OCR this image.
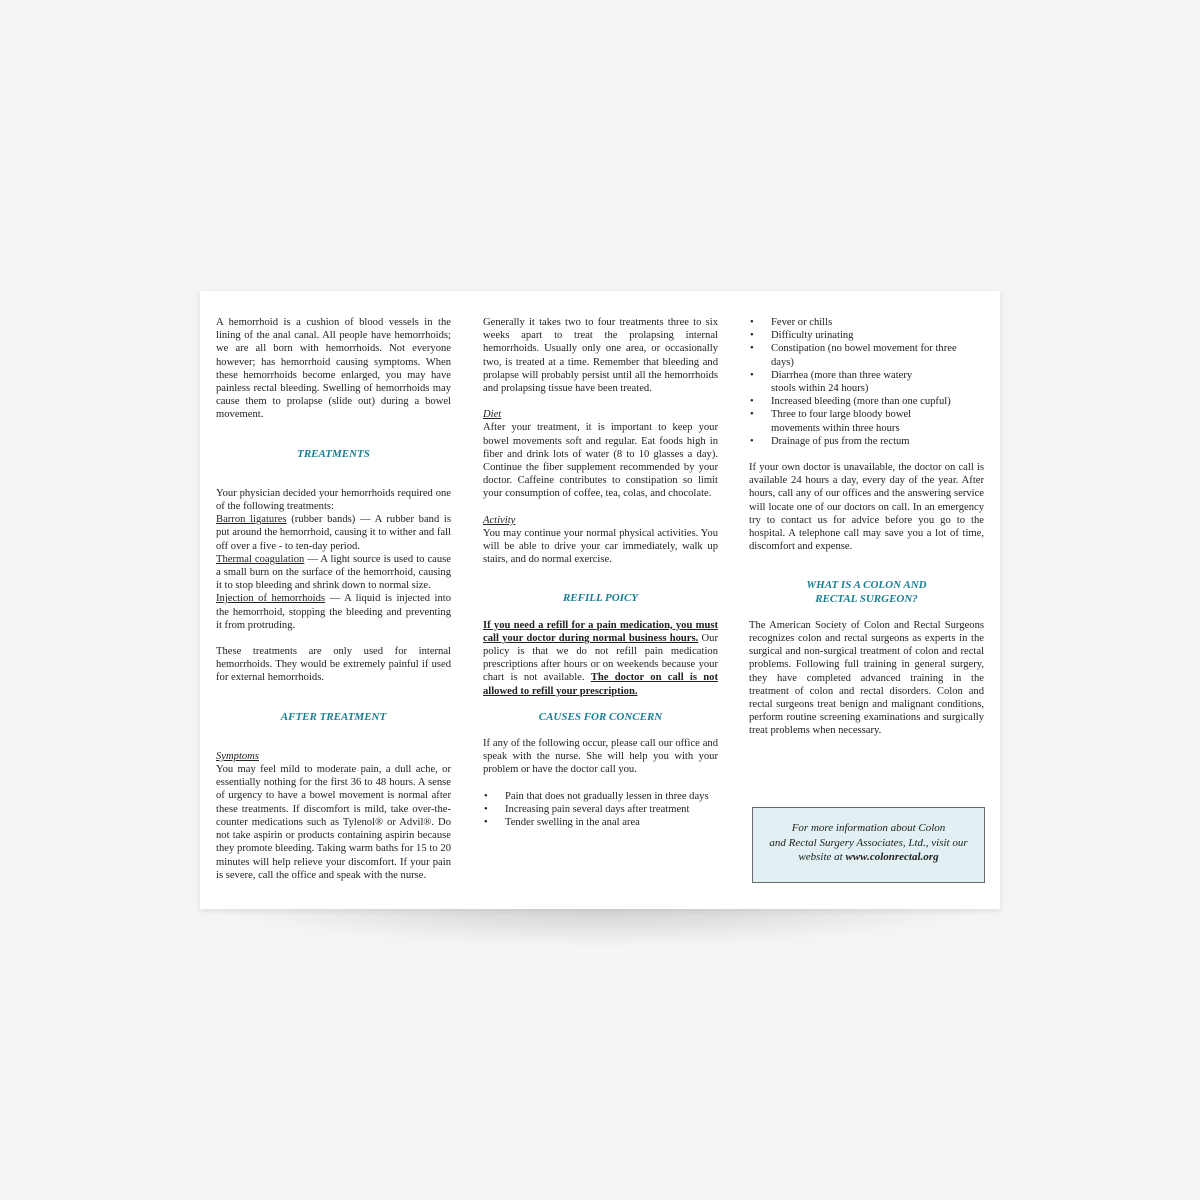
A hemorrhoid is a cushion of blood vessels in the lining of the anal canal. All people have hemorrhoids; we are all born with hemorrhoids. Not everyone however; has hemorrhoid causing symptoms. When these hemorrhoids become enlarged, you may have painless rectal bleeding. Swelling of hemorrhoids may cause them to prolapse (slide out) during a bowel movement.

TREATMENTS

Your physician decided your hemorrhoids required one of the following treatments:

Barron ligatures (rubber bands) — A rubber band is put around the hemorrhoid, causing it to wither and fall off over a five - to ten-day period.

Thermal coagulation — A light source is used to cause a small burn on the surface of the hemorrhoid, causing it to stop bleeding and shrink down to normal size.

Injection of hemorrhoids — A liquid is injected into the hemorrhoid, stopping the bleeding and preventing it from protruding.

These treatments are only used for internal hemorrhoids. They would be extremely painful if used for external hemorrhoids.

AFTER TREATMENT

Symptoms

You may feel mild to moderate pain, a dull ache, or essentially nothing for the first 36 to 48 hours. A sense of urgency to have a bowel movement is normal after these treatments. If discomfort is mild, take over-the-counter medications such as Tylenol® or Advil®. Do not take aspirin or products containing aspirin because they promote bleeding. Taking warm baths for 15 to 20 minutes will help relieve your discomfort. If your pain is severe, call the office and speak with the nurse.

Generally it takes two to four treatments three to six weeks apart to treat the prolapsing internal hemorrhoids. Usually only one area, or occasionally two, is treated at a time. Remember that bleeding and prolapse will probably persist until all the hemorrhoids and prolapsing tissue have been treated.

Diet

After your treatment, it is important to keep your bowel movements soft and regular. Eat foods high in fiber and drink lots of water (8 to 10 glasses a day). Continue the fiber supplement recommended by your doctor. Caffeine contributes to constipation so limit your consumption of coffee, tea, colas, and chocolate.

Activity

You may continue your normal physical activities. You will be able to drive your car immediately, walk up stairs, and do normal exercise.

REFILL POICY

If you need a refill for a pain medication, you must call your doctor during normal business hours. Our policy is that we do not refill pain medication prescriptions after hours or on weekends because your chart is not available. The doctor on call is not allowed to refill your prescription.

CAUSES FOR CONCERN

If any of the following occur, please call our office and speak with the nurse. She will help you with your problem or have the doctor call you.

• Pain that does not gradually lessen in three days
• Increasing pain several days after treatment
• Tender swelling in the anal area
• Fever or chills
• Difficulty urinating
• Constipation (no bowel movement for three days)
• Diarrhea (more than three watery stools within 24 hours)
• Increased bleeding (more than one cupful)
• Three to four large bloody bowel movements within three hours
• Drainage of pus from the rectum

If your own doctor is unavailable, the doctor on call is available 24 hours a day, every day of the year. After hours, call any of our offices and the answering service will locate one of our doctors on call. In an emergency try to contact us for advice before you go to the hospital. A telephone call may save you a lot of time, discomfort and expense.

WHAT IS A COLON AND
RECTAL SURGEON?

The American Society of Colon and Rectal Surgeons recognizes colon and rectal surgeons as experts in the surgical and non-surgical treatment of colon and rectal problems. Following full training in general surgery, they have completed advanced training in the treatment of colon and rectal disorders. Colon and rectal surgeons treat benign and malignant conditions, perform routine screening examinations and surgically treat problems when necessary.

For more information about Colon
and Rectal Surgery Associates, Ltd., visit our
website at www.colonrectal.org
